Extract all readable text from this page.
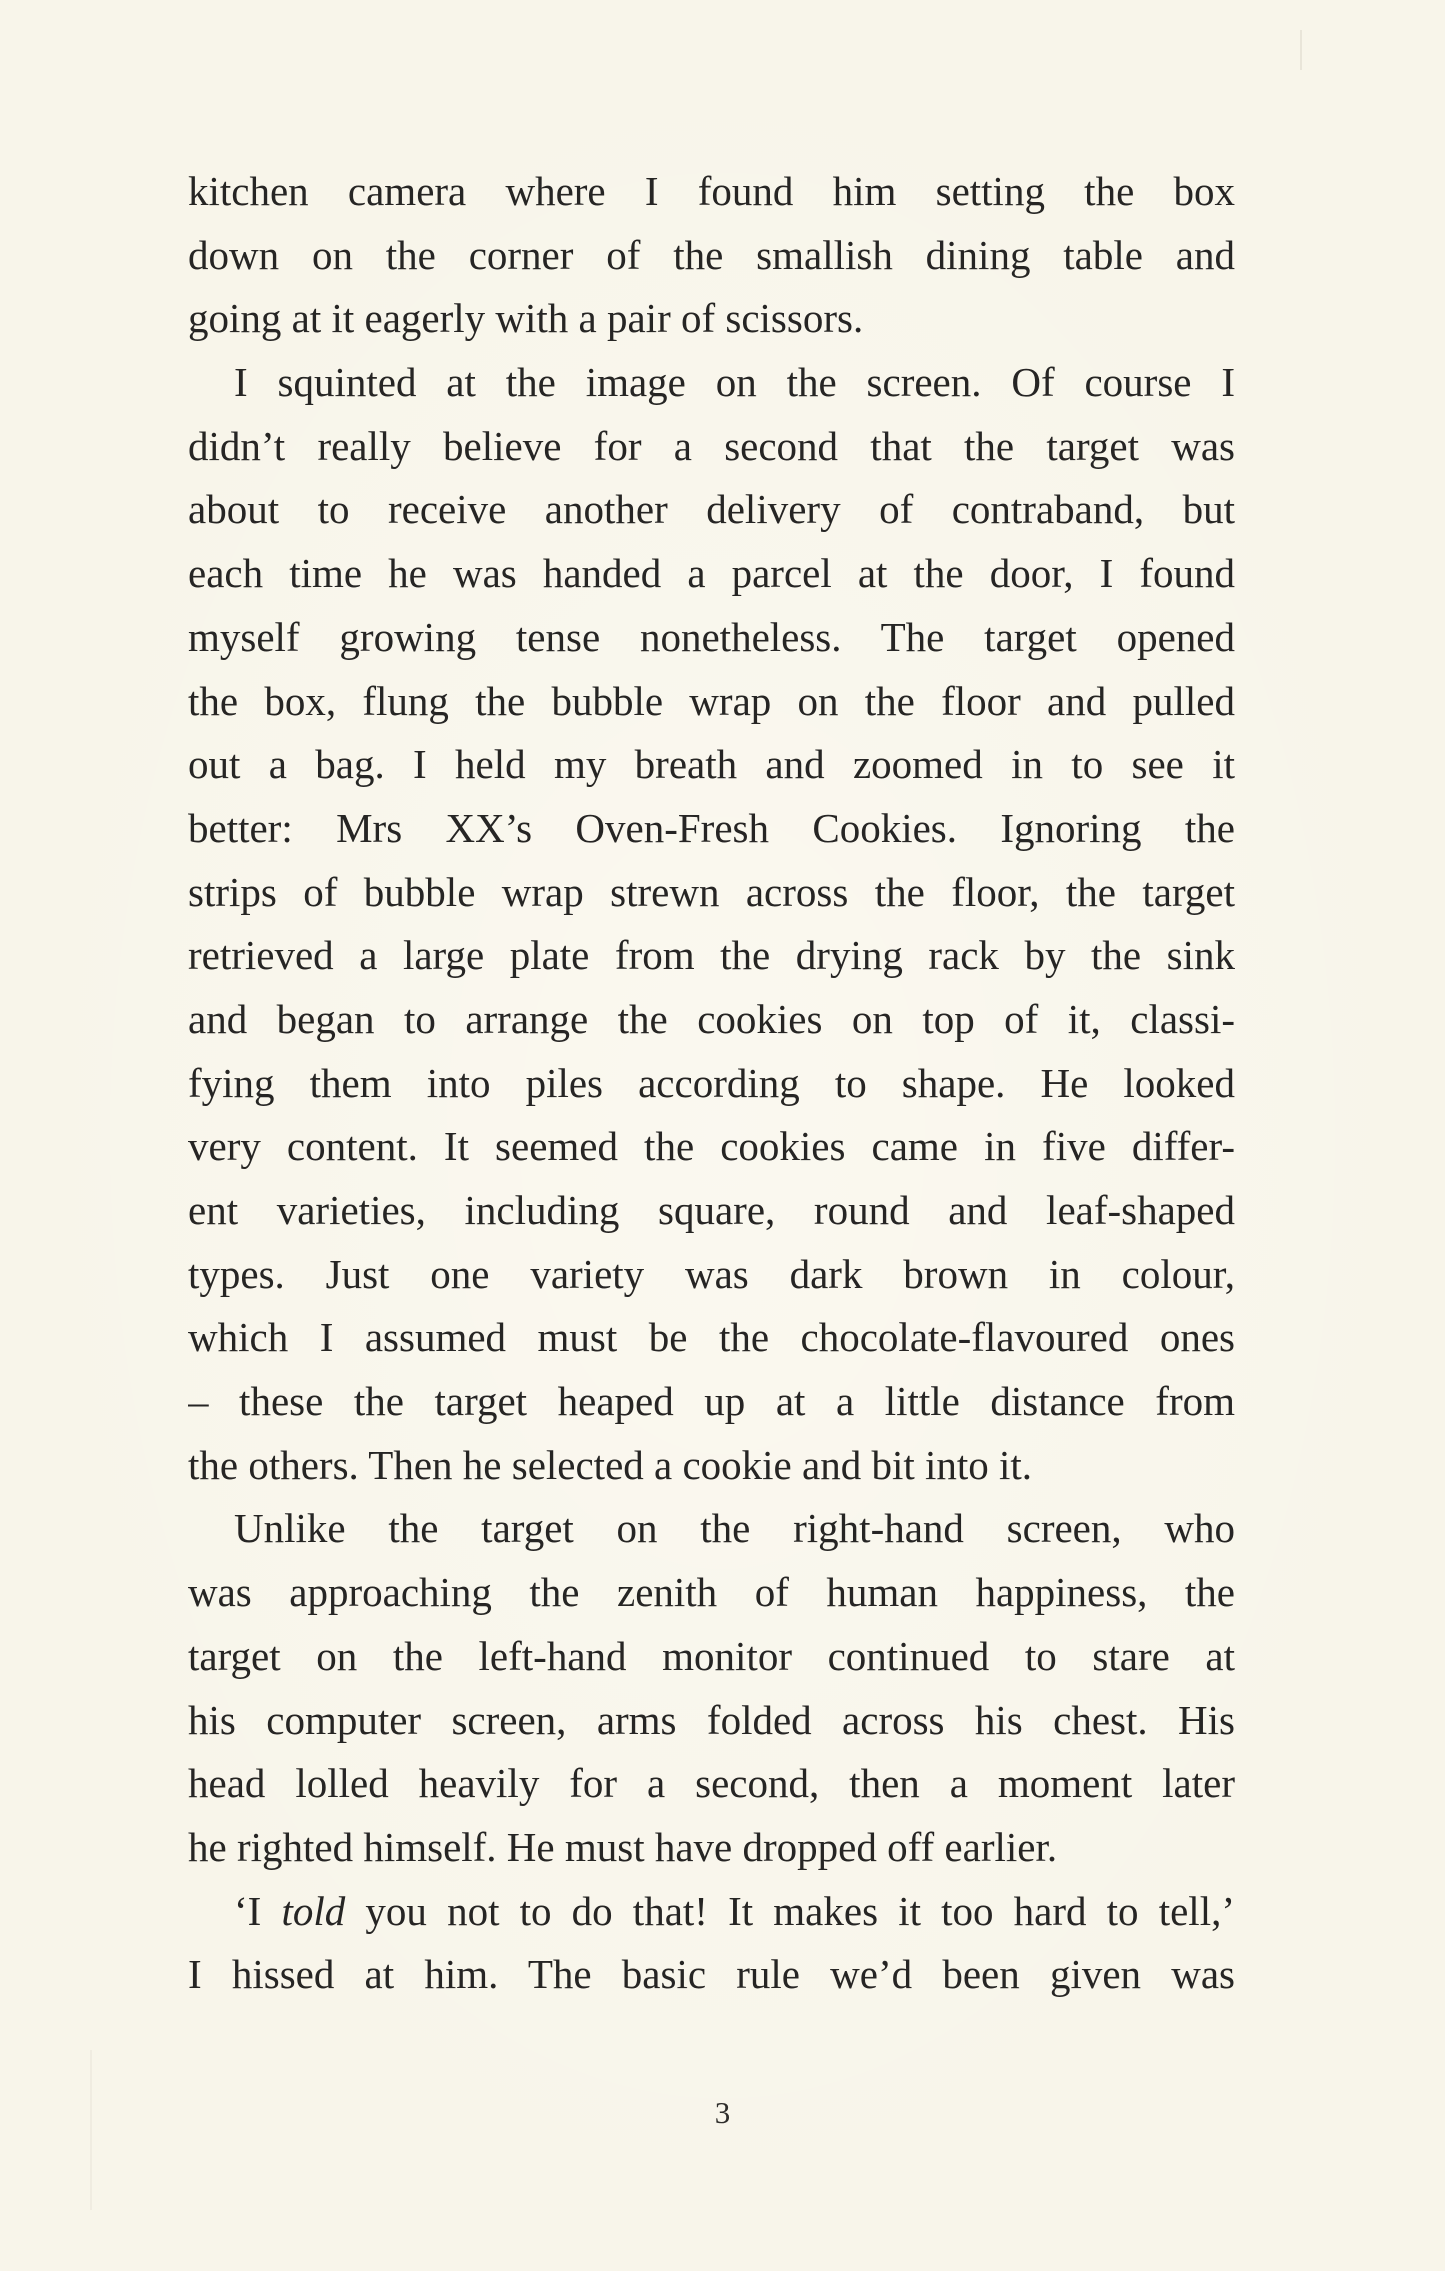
kitchen camera where I found him setting the box
down on the corner of the smallish dining table and
going at it eagerly with a pair of scissors.
I squinted at the image on the screen. Of course I
didn’t really believe for a second that the target was
about to receive another delivery of contraband, but
each time he was handed a parcel at the door, I found
myself growing tense nonetheless. The target opened
the box, flung the bubble wrap on the floor and pulled
out a bag. I held my breath and zoomed in to see it
better: Mrs XX’s Oven-Fresh Cookies. Ignoring the
strips of bubble wrap strewn across the floor, the target
retrieved a large plate from the drying rack by the sink
and began to arrange the cookies on top of it, classi-
fying them into piles according to shape. He looked
very content. It seemed the cookies came in five differ-
ent varieties, including square, round and leaf-shaped
types. Just one variety was dark brown in colour,
which I assumed must be the chocolate-flavoured ones
– these the target heaped up at a little distance from
the others. Then he selected a cookie and bit into it.
Unlike the target on the right-hand screen, who
was approaching the zenith of human happiness, the
target on the left-hand monitor continued to stare at
his computer screen, arms folded across his chest. His
head lolled heavily for a second, then a moment later
he righted himself. He must have dropped off earlier.
‘I told you not to do that! It makes it too hard to tell,’
I hissed at him. The basic rule we’d been given was
3
